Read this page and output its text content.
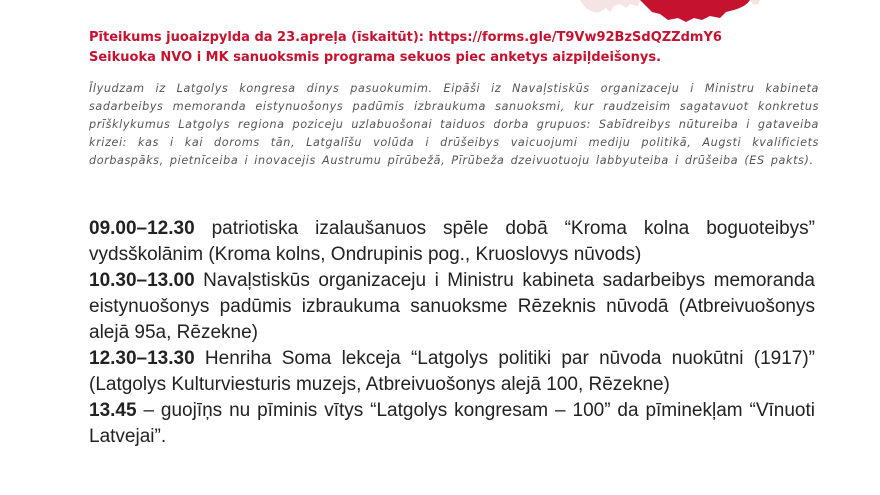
Pīteikums juoaizpylda da 23.apreļa (īskaitūt): https://forms.gle/T9Vw92BzSdQZZdmY6
Seikuoka NVO i MK sanuoksmis programa sekuos piec anketys aizpiļdeišonys.
Īlyudzam iz Latgolys kongresa dinys pasuokumim. Eipāši iz Navaļstiskūs organizaceju i Ministru kabineta sadarbeibys memoranda eistynuošonys padūmis izbraukuma sanuoksmi, kur raudzeisim sagatavuot konkretus prīšklykumus Latgolys regiona poziceju uzlabuošonai taiduos dorba grupuos: Sabīdreibys nūtureiba i gataveiba krizei: kas i kai doroms tān, Latgalīšu volūda i drūšeibys vaicuojumi mediju politikā, Augsti kvalificiets dorbaspāks, pietnīceiba i inovacejis Austrumu pīrūbežā, Pīrūbeža dzeivuotuoju labbyuteiba i drūšeiba (ES pakts).

09.00–12.30 patriotiska izalaušanuos spēle dobā “Kroma kolna boguoteibys” vydsškolānim (Kroma kolns, Ondrupinis pog., Kruoslovys nūvods)

10.30–13.00 Navaļstiskūs organizaceju i Ministru kabineta sadarbeibys memoranda eistynuošonys padūmis izbraukuma sanuoksme Rēzeknis nūvodā (Atbreivuošonys alejā 95a, Rēzekne)

12.30–13.30 Henriha Soma lekceja “Latgolys politiki par nūvoda nuokūtni (1917)” (Latgolys Kulturviesturis muzejs, Atbreivuošonys alejā 100, Rēzekne)

13.45 – guojīņs nu pīminis vītys “Latgolys kongresam – 100” da pīminekļam “Vīnuoti Latvejai”.
